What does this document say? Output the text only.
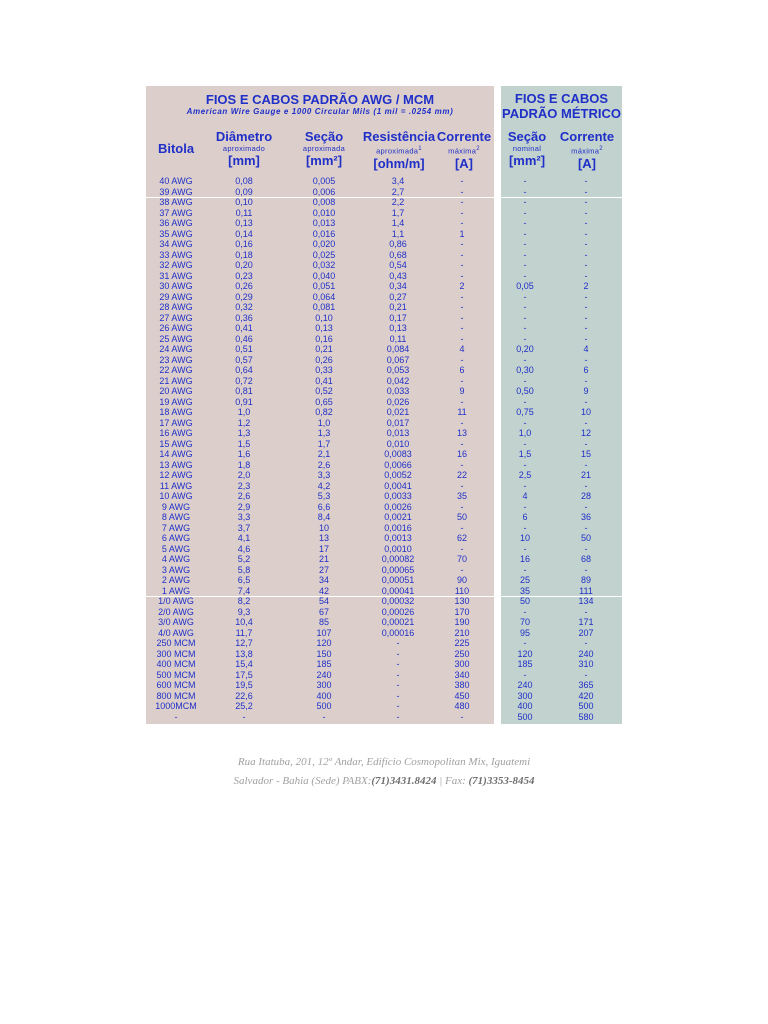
FIOS E CABOS PADRÃO AWG / MCM
American Wire Gauge e 1000 Circular Mils (1 mil = .0254 mm)
FIOS E CABOS
PADRÃO MÉTRICO
Bitola
Diâmetro
aproximado
[mm]
Seção
aproximada
[mm²]
Resistência
aproximada$^1$
[ohm/m]
Corrente
máxima$^2$
[A]
Seção
nominal
[mm²]
Corrente
máxima$^2$
[A]
40 AWG	0,08	0,005	3,4	-	-	-
39 AWG	0,09	0,006	2,7	-	-	-
38 AWG	0,10	0,008	2,2	-	-	-
37 AWG	0,11	0,010	1,7	-	-	-
36 AWG	0,13	0,013	1,4	-	-	-
35 AWG	0,14	0,016	1,1	1	-	-
34 AWG	0,16	0,020	0,86	-	-	-
33 AWG	0,18	0,025	0,68	-	-	-
32 AWG	0,20	0,032	0,54	-	-	-
31 AWG	0,23	0,040	0,43	-	-	-
30 AWG	0,26	0,051	0,34	2	0,05	2
29 AWG	0,29	0,064	0,27	-	-	-
28 AWG	0,32	0,081	0,21	-	-	-
27 AWG	0,36	0,10	0,17	-	-	-
26 AWG	0,41	0,13	0,13	-	-	-
25 AWG	0,46	0,16	0,11	-	-	-
24 AWG	0,51	0,21	0,084	4	0,20	4
23 AWG	0,57	0,26	0,067	-	-	-
22 AWG	0,64	0,33	0,053	6	0,30	6
21 AWG	0,72	0,41	0,042	-	-	-
20 AWG	0,81	0,52	0,033	9	0,50	9
19 AWG	0,91	0,65	0,026	-	-	-
18 AWG	1,0	0,82	0,021	11	0,75	10
17 AWG	1,2	1,0	0,017	-	-	-
16 AWG	1,3	1,3	0,013	13	1,0	12
15 AWG	1,5	1,7	0,010	-	-	-
14 AWG	1,6	2,1	0,0083	16	1,5	15
13 AWG	1,8	2,6	0,0066	-	-	-
12 AWG	2,0	3,3	0,0052	22	2,5	21
11 AWG	2,3	4,2	0,0041	-	-	-
10 AWG	2,6	5,3	0,0033	35	4	28
9 AWG	2,9	6,6	0,0026	-	-	-
8 AWG	3,3	8,4	0,0021	50	6	36
7 AWG	3,7	10	0,0016	-	-	-
6 AWG	4,1	13	0,0013	62	10	50
5 AWG	4,6	17	0,0010	-	-	-
4 AWG	5,2	21	0,00082	70	16	68
3 AWG	5,8	27	0,00065	-	-	-
2 AWG	6,5	34	0,00051	90	25	89
1 AWG	7,4	42	0,00041	110	35	111
1/0 AWG	8,2	54	0,00032	130	50	134
2/0 AWG	9,3	67	0,00026	170	-	-
3/0 AWG	10,4	85	0,00021	190	70	171
4/0 AWG	11,7	107	0,00016	210	95	207
250 MCM	12,7	120	-	225	-	-
300 MCM	13,8	150	-	250	120	240
400 MCM	15,4	185	-	300	185	310
500 MCM	17,5	240	-	340	-	-
600 MCM	19,5	300	-	380	240	365
800 MCM	22,6	400	-	450	300	420
1000MCM	25,2	500	-	480	400	500
-	-	-	-	-	500	580
Rua Itatuba, 201, 12º Andar, Edifício Cosmopolitan Mix, Iguatemi
Salvador - Bahia (Sede) PABX:(71)3431.8424 | Fax: (71)3353-8454
